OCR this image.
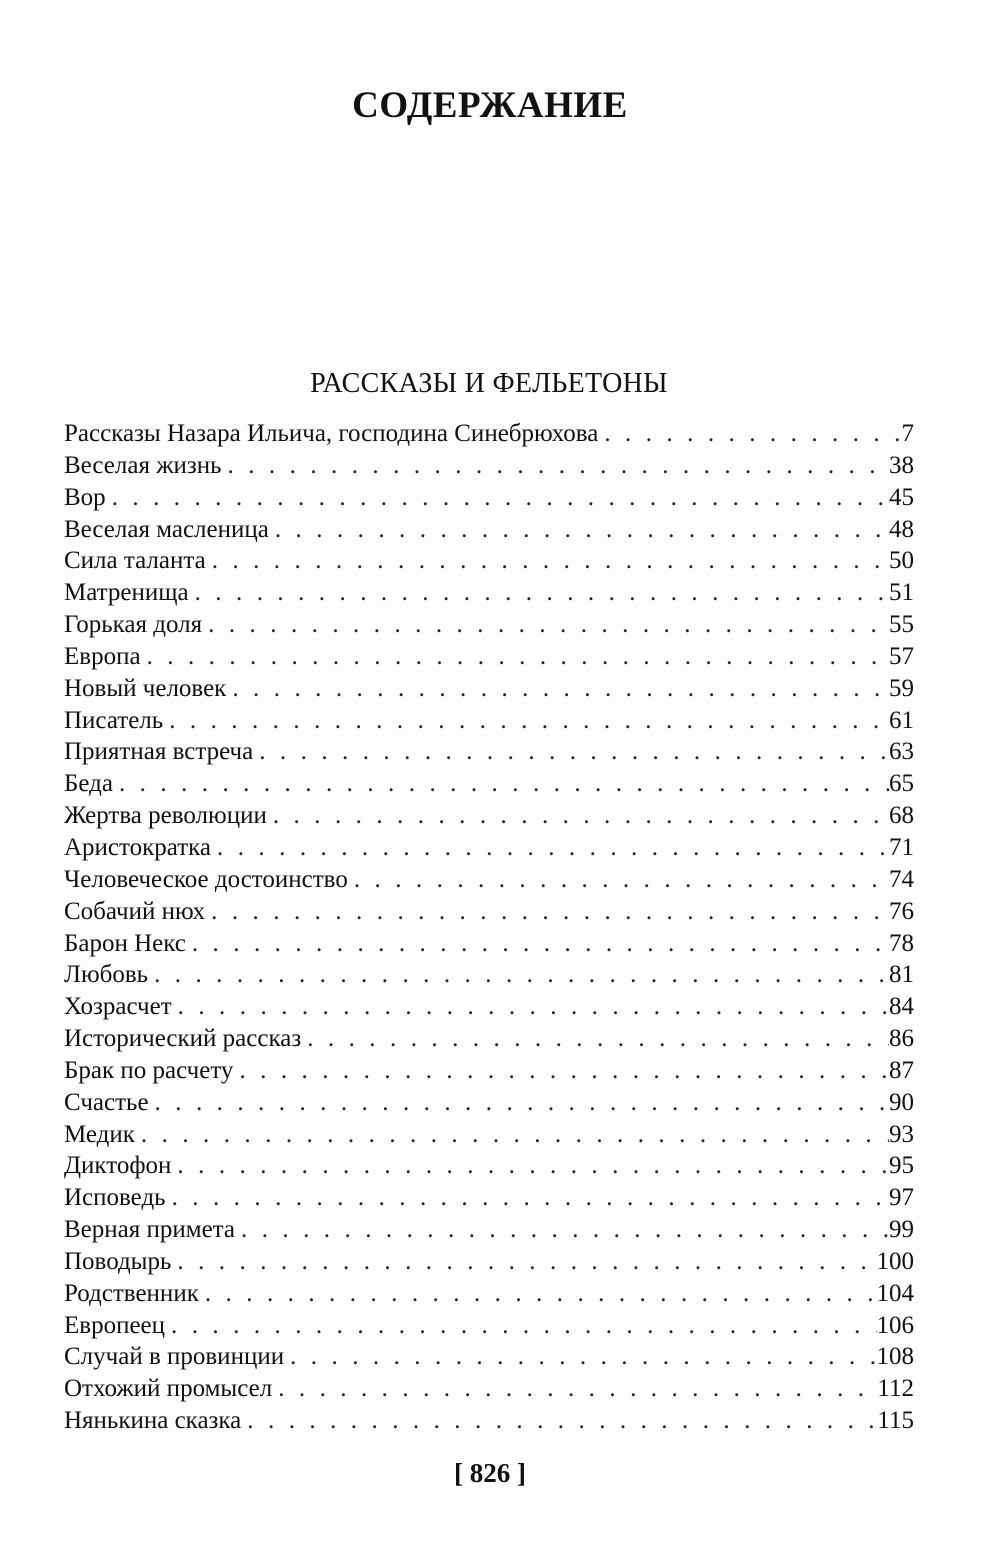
СОДЕРЖАНИЕ
РАССКАЗЫ И ФЕЛЬЕТОНЫ
Рассказы Назара Ильича, господина Синебрюхова . . .	7
Веселая жизнь . . .	38
Вор . . .	45
Веселая масленица . . .	48
Сила таланта . . .	50
Матренища . . .	51
Горькая доля . . .	55
Европа . . .	57
Новый человек . . .	59
Писатель . . .	61
Приятная встреча . . .	63
Беда . . .	65
Жертва революции . . .	68
Аристократка . . .	71
Человеческое достоинство . . .	74
Собачий нюх . . .	76
Барон Некс . . .	78
Любовь . . .	81
Хозрасчет . . .	84
Исторический рассказ . . .	86
Брак по расчету . . .	87
Счастье . . .	90
Медик . . .	93
Диктофон . . .	95
Исповедь . . .	97
Верная примета . . .	99
Поводырь . . .	100
Родственник . . .	104
Европеец . . .	106
Случай в провинции . . .	108
Отхожий промысел . . .	112
Нянькина сказка . . .	115
[ 826 ]
